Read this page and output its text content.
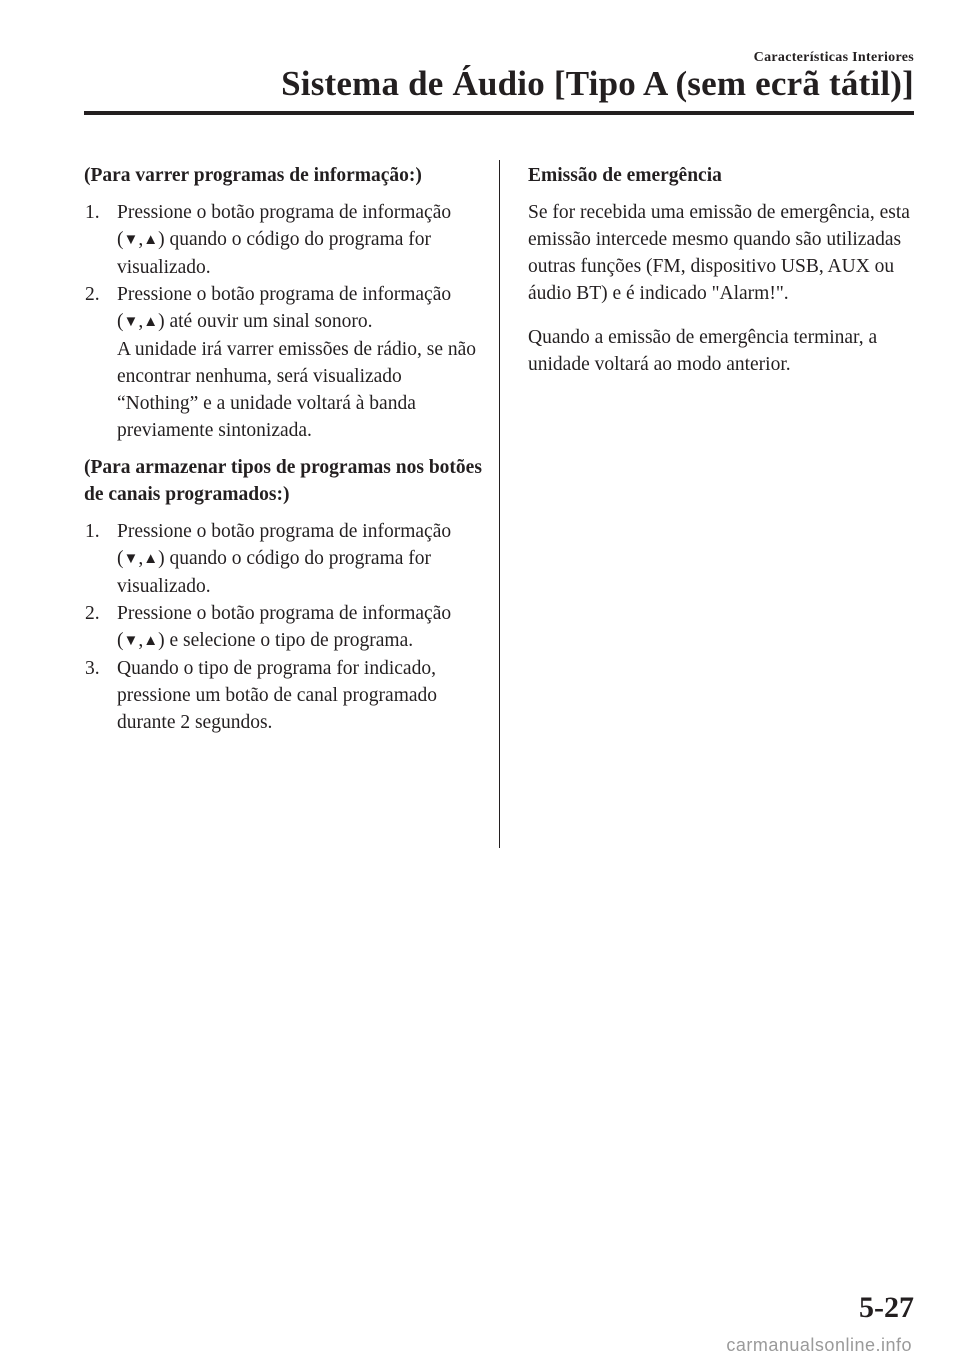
Características Interiores
Sistema de Áudio [Tipo A (sem ecrã tátil)]

(Para varrer programas de informação:)

1. Pressione o botão programa de informação (▼,▲) quando o código do programa for visualizado.
2. Pressione o botão programa de informação (▼,▲) até ouvir um sinal sonoro.
A unidade irá varrer emissões de rádio, se não encontrar nenhuma, será visualizado “Nothing” e a unidade voltará à banda previamente sintonizada.

(Para armazenar tipos de programas nos botões de canais programados:)

1. Pressione o botão programa de informação (▼,▲) quando o código do programa for visualizado.
2. Pressione o botão programa de informação (▼,▲) e selecione o tipo de programa.
3. Quando o tipo de programa for indicado, pressione um botão de canal programado durante 2 segundos.

Emissão de emergência

Se for recebida uma emissão de emergência, esta emissão intercede mesmo quando são utilizadas outras funções (FM, dispositivo USB, AUX ou áudio BT) e é indicado "Alarm!".

Quando a emissão de emergência terminar, a unidade voltará ao modo anterior.

5-27
carmanualsonline.info
